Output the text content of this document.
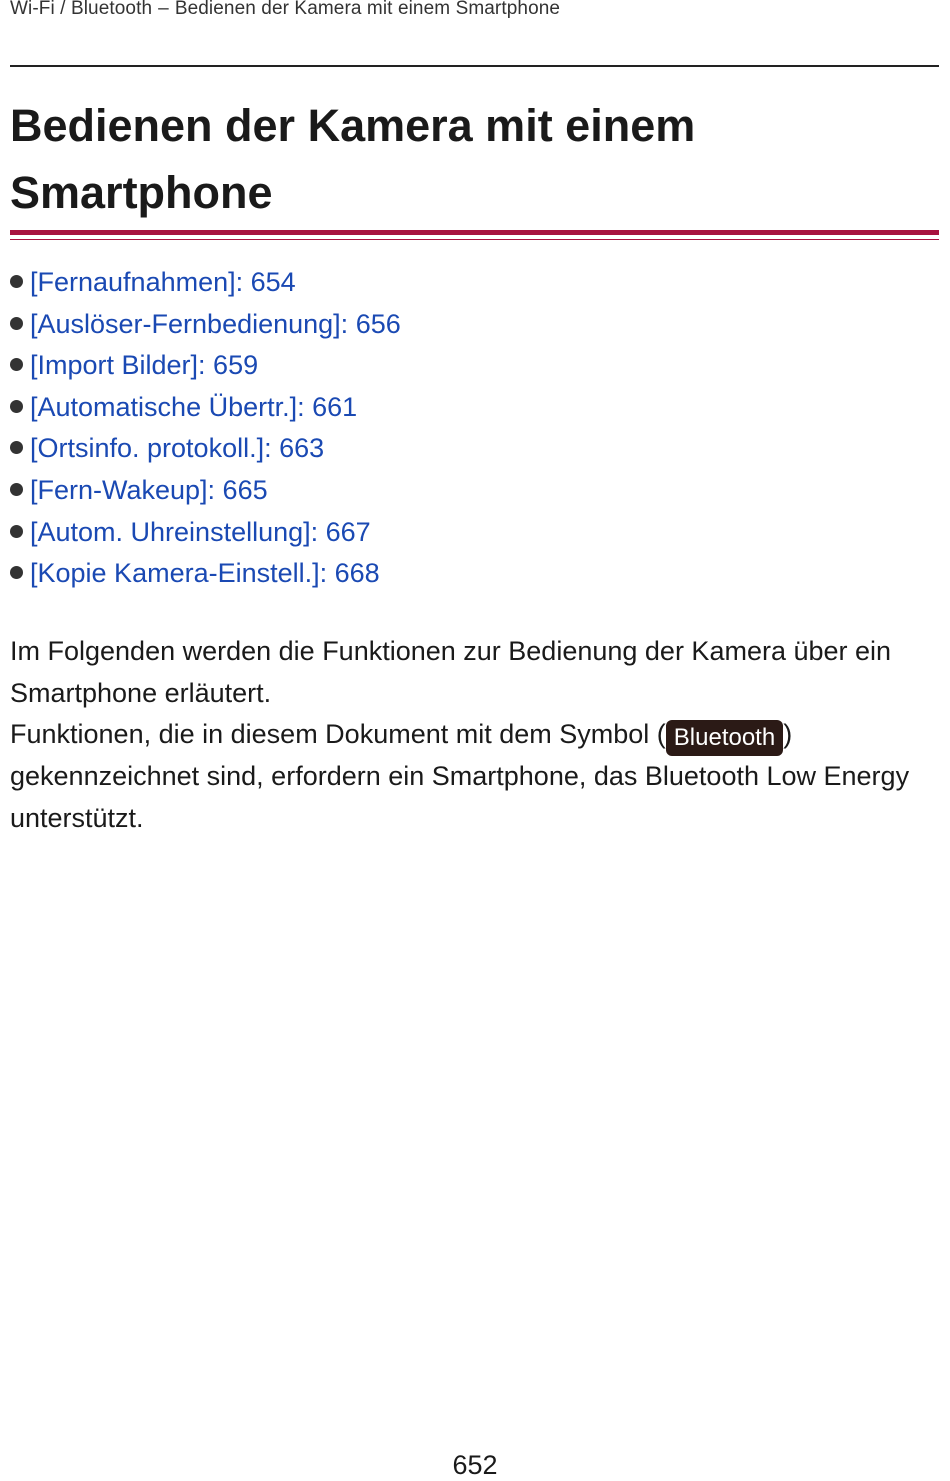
Wi-Fi / Bluetooth – Bedienen der Kamera mit einem Smartphone
Bedienen der Kamera mit einem Smartphone
[Fernaufnahmen]: 654
[Auslöser-Fernbedienung]: 656
[Import Bilder]: 659
[Automatische Übertr.]: 661
[Ortsinfo. protokoll.]: 663
[Fern-Wakeup]: 665
[Autom. Uhreinstellung]: 667
[Kopie Kamera-Einstell.]: 668

Im Folgenden werden die Funktionen zur Bedienung der Kamera über ein Smartphone erläutert.

Funktionen, die in diesem Dokument mit dem Symbol ( Bluetooth ) gekennzeichnet sind, erfordern ein Smartphone, das Bluetooth Low Energy unterstützt.

652
